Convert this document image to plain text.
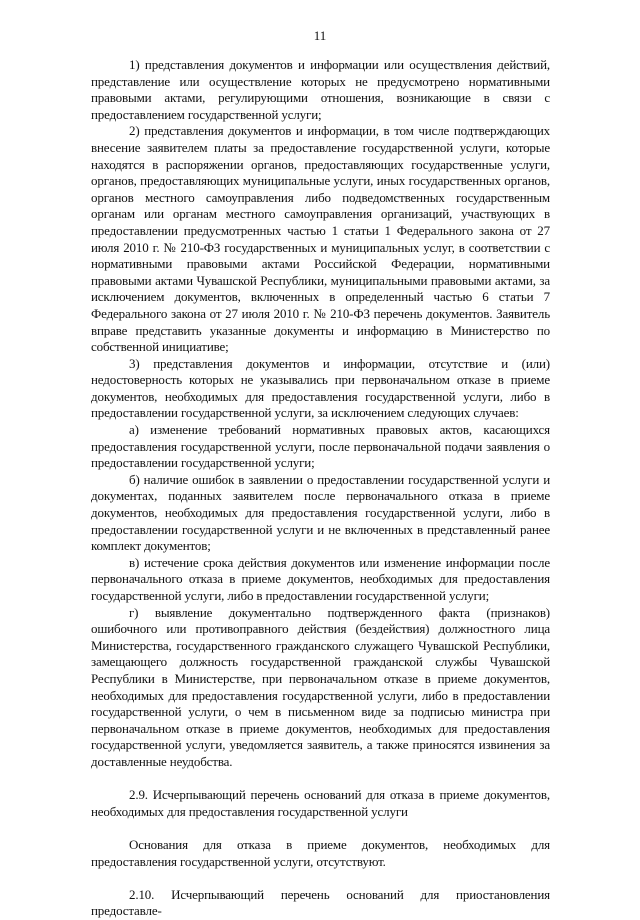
11

1) представления документов и информации или осуществления действий, представление или осуществление которых не предусмотрено нормативными правовыми актами, регулирующими отношения, возникающие в связи с предоставлением государственной услуги;

2) представления документов и информации, в том числе подтверждающих внесение заявителем платы за предоставление государственной услуги, которые находятся в распоряжении органов, предоставляющих государственные услуги, органов, предоставляющих муниципальные услуги, иных государственных органов, органов местного самоуправления либо подведомственных государственным органам или органам местного самоуправления организаций, участвующих в предоставлении предусмотренных частью 1 статьи 1 Федерального закона от 27 июля 2010 г. № 210-ФЗ государственных и муниципальных услуг, в соответствии с нормативными правовыми актами Российской Федерации, нормативными правовыми актами Чувашской Республики, муниципальными правовыми актами, за исключением документов, включенных в определенный частью 6 статьи 7 Федерального закона от 27 июля 2010 г. № 210-ФЗ перечень документов. Заявитель вправе представить указанные документы и информацию в Министерство по собственной инициативе;

3) представления документов и информации, отсутствие и (или) недостоверность которых не указывались при первоначальном отказе в приеме документов, необходимых для предоставления государственной услуги, либо в предоставлении государственной услуги, за исключением следующих случаев:

а) изменение требований нормативных правовых актов, касающихся предоставления государственной услуги, после первоначальной подачи заявления о предоставлении государственной услуги;

б) наличие ошибок в заявлении о предоставлении государственной услуги и документах, поданных заявителем после первоначального отказа в приеме документов, необходимых для предоставления государственной услуги, либо в предоставлении государственной услуги и не включенных в представленный ранее комплект документов;

в) истечение срока действия документов или изменение информации после первоначального отказа в приеме документов, необходимых для предоставления государственной услуги, либо в предоставлении государственной услуги;

г) выявление документально подтвержденного факта (признаков) ошибочного или противоправного действия (бездействия) должностного лица Министерства, государственного гражданского служащего Чувашской Республики, замещающего должность государственной гражданской службы Чувашской Республики в Министерстве, при первоначальном отказе в приеме документов, необходимых для предоставления государственной услуги, либо в предоставлении государственной услуги, о чем в письменном виде за подписью министра при первоначальном отказе в приеме документов, необходимых для предоставления государственной услуги, уведомляется заявитель, а также приносятся извинения за доставленные неудобства.

2.9. Исчерпывающий перечень оснований для отказа в приеме документов, необходимых для предоставления государственной услуги

Основания для отказа в приеме документов, необходимых для предоставления государственной услуги, отсутствуют.

2.10. Исчерпывающий перечень оснований для приостановления предоставле-
